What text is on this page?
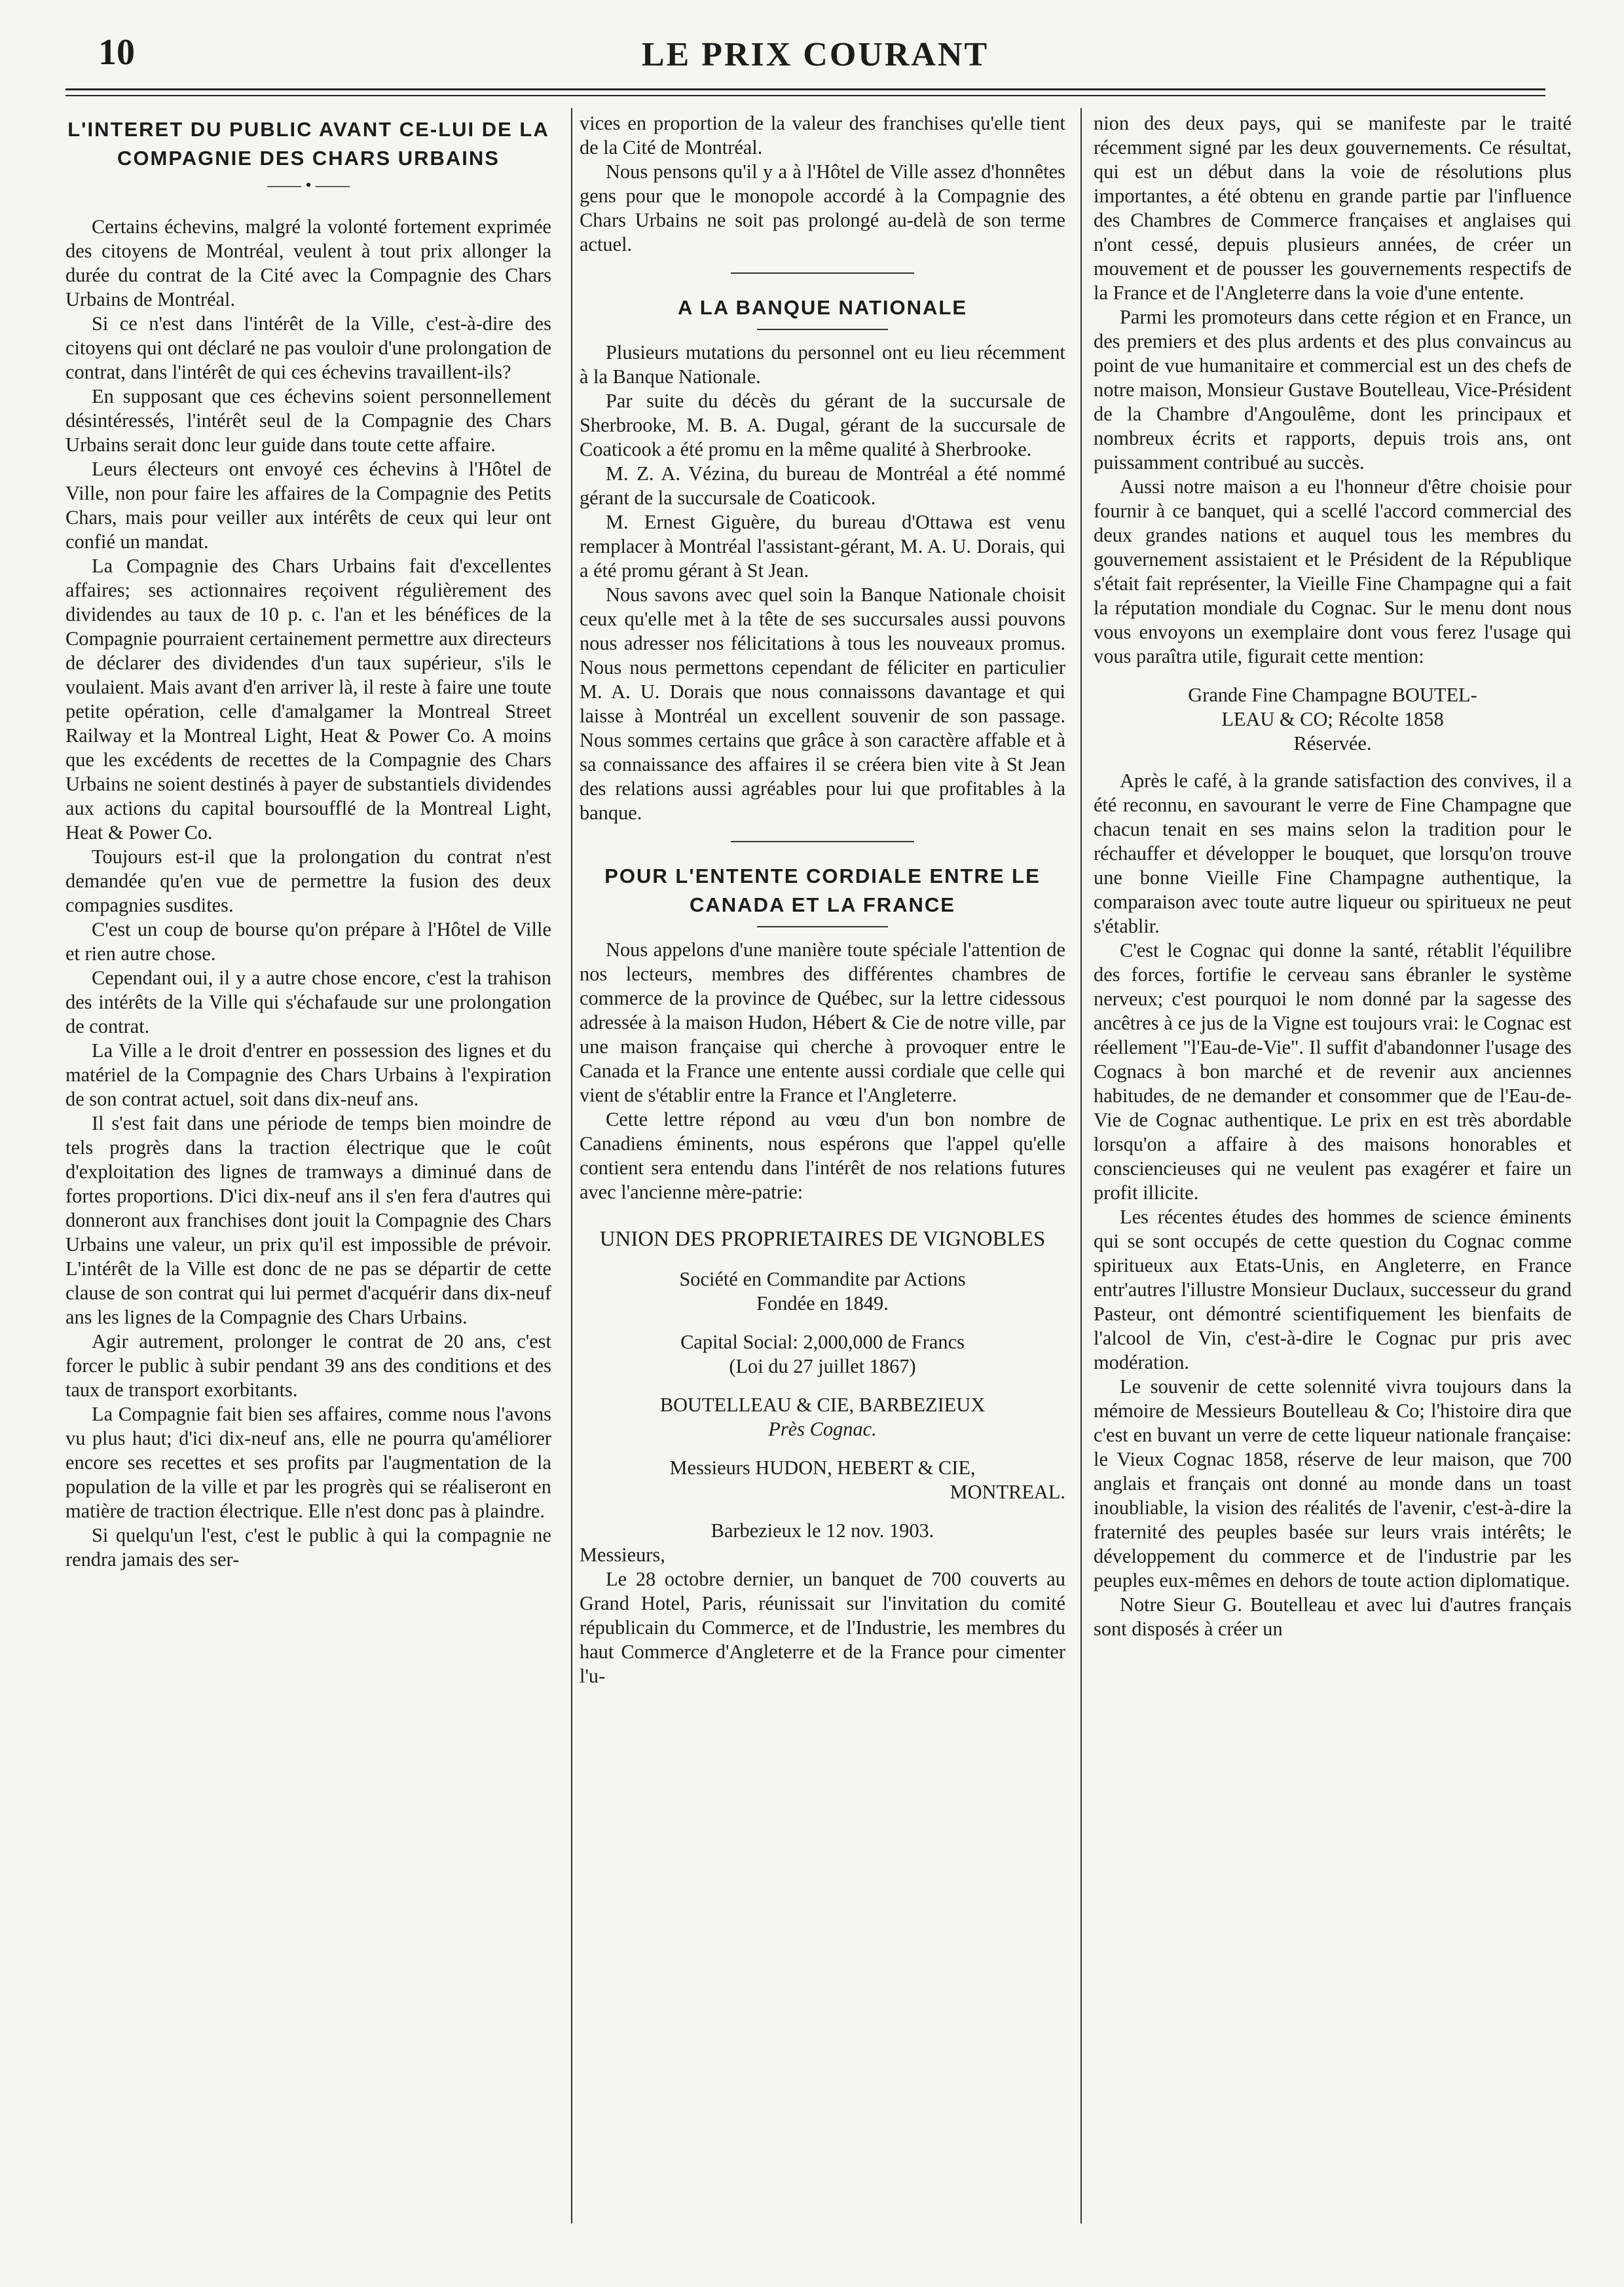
10	LE PRIX COURANT
L'INTERET DU PUBLIC AVANT CE-LUI DE LA COMPAGNIE DES CHARS URBAINS
—— • ——

Certains échevins, malgré la volonté fortement exprimée des citoyens de Montréal, veulent à tout prix allonger la durée du contrat de la Cité avec la Compagnie des Chars Urbains de Montréal.

Si ce n'est dans l'intérêt de la Ville, c'est-à-dire des citoyens qui ont déclaré ne pas vouloir d'une prolongation de contrat, dans l'intérêt de qui ces échevins travaillent-ils?

En supposant que ces échevins soient personnellement désintéressés, l'intérêt seul de la Compagnie des Chars Urbains serait donc leur guide dans toute cette affaire.

Leurs électeurs ont envoyé ces échevins à l'Hôtel de Ville, non pour faire les affaires de la Compagnie des Petits Chars, mais pour veiller aux intérêts de ceux qui leur ont confié un mandat.

La Compagnie des Chars Urbains fait d'excellentes affaires; ses actionnaires reçoivent régulièrement des dividendes au taux de 10 p. c. l'an et les bénéfices de la Compagnie pourraient certainement permettre aux directeurs de déclarer des dividendes d'un taux supérieur, s'ils le voulaient. Mais avant d'en arriver là, il reste à faire une toute petite opération, celle d'amalgamer la Montreal Street Railway et la Montreal Light, Heat & Power Co. A moins que les excédents de recettes de la Compagnie des Chars Urbains ne soient destinés à payer de substantiels dividendes aux actions du capital boursoufflé de la Montreal Light, Heat & Power Co.

Toujours est-il que la prolongation du contrat n'est demandée qu'en vue de permettre la fusion des deux compagnies susdites.

C'est un coup de bourse qu'on prépare à l'Hôtel de Ville et rien autre chose.

Cependant oui, il y a autre chose encore, c'est la trahison des intérêts de la Ville qui s'échafaude sur une prolongation de contrat.

La Ville a le droit d'entrer en possession des lignes et du matériel de la Compagnie des Chars Urbains à l'expiration de son contrat actuel, soit dans dix-neuf ans.

Il s'est fait dans une période de temps bien moindre de tels progrès dans la traction électrique que le coût d'exploitation des lignes de tramways a diminué dans de fortes proportions. D'ici dix-neuf ans il s'en fera d'autres qui donneront aux franchises dont jouit la Compagnie des Chars Urbains une valeur, un prix qu'il est impossible de prévoir. L'intérêt de la Ville est donc de ne pas se départir de cette clause de son contrat qui lui permet d'acquérir dans dix-neuf ans les lignes de la Compagnie des Chars Urbains.

Agir autrement, prolonger le contrat de 20 ans, c'est forcer le public à subir pendant 39 ans des conditions et des taux de transport exorbitants.

La Compagnie fait bien ses affaires, comme nous l'avons vu plus haut; d'ici dix-neuf ans, elle ne pourra qu'améliorer encore ses recettes et ses profits par l'augmentation de la population de la ville et par les progrès qui se réaliseront en matière de traction électrique. Elle n'est donc pas à plaindre.

Si quelqu'un l'est, c'est le public à qui la compagnie ne rendra jamais des ser-

vices en proportion de la valeur des franchises qu'elle tient de la Cité de Montréal.

Nous pensons qu'il y a à l'Hôtel de Ville assez d'honnêtes gens pour que le monopole accordé à la Compagnie des Chars Urbains ne soit pas prolongé au-delà de son terme actuel.

A LA BANQUE NATIONALE

Plusieurs mutations du personnel ont eu lieu récemment à la Banque Nationale.

Par suite du décès du gérant de la succursale de Sherbrooke, M. B. A. Dugal, gérant de la succursale de Coaticook a été promu en la même qualité à Sherbrooke.

M. Z. A. Vézina, du bureau de Montréal a été nommé gérant de la succursale de Coaticook.

M. Ernest Giguère, du bureau d'Ottawa est venu remplacer à Montréal l'assistant-gérant, M. A. U. Dorais, qui a été promu gérant à St Jean.

Nous savons avec quel soin la Banque Nationale choisit ceux qu'elle met à la tête de ses succursales aussi pouvons nous adresser nos félicitations à tous les nouveaux promus. Nous nous permettons cependant de féliciter en particulier M. A. U. Dorais que nous connaissons davantage et qui laisse à Montréal un excellent souvenir de son passage. Nous sommes certains que grâce à son caractère affable et à sa connaissance des affaires il se créera bien vite à St Jean des relations aussi agréables pour lui que profitables à la banque.

POUR L'ENTENTE CORDIALE ENTRE LE CANADA ET LA FRANCE

Nous appelons d'une manière toute spéciale l'attention de nos lecteurs, membres des différentes chambres de commerce de la province de Québec, sur la lettre cidessous adressée à la maison Hudon, Hébert & Cie de notre ville, par une maison française qui cherche à provoquer entre le Canada et la France une entente aussi cordiale que celle qui vient de s'établir entre la France et l'Angleterre.

Cette lettre répond au vœu d'un bon nombre de Canadiens éminents, nous espérons que l'appel qu'elle contient sera entendu dans l'intérêt de nos relations futures avec l'ancienne mère-patrie:

UNION DES PROPRIETAIRES DE VIGNOBLES

Société en Commandite par Actions

Fondée en 1849.

Capital Social: 2,000,000 de Francs

(Loi du 27 juillet 1867)

BOUTELLEAU & CIE, BARBEZIEUX

Près Cognac.

Messieurs HUDON, HEBERT & CIE,

MONTREAL.

Barbezieux le 12 nov. 1903.

Messieurs,

Le 28 octobre dernier, un banquet de 700 couverts au Grand Hotel, Paris, réunissait sur l'invitation du comité républicain du Commerce, et de l'Industrie, les membres du haut Commerce d'Angleterre et de la France pour cimenter l'u-

nion des deux pays, qui se manifeste par le traité récemment signé par les deux gouvernements. Ce résultat, qui est un début dans la voie de résolutions plus importantes, a été obtenu en grande partie par l'influence des Chambres de Commerce françaises et anglaises qui n'ont cessé, depuis plusieurs années, de créer un mouvement et de pousser les gouvernements respectifs de la France et de l'Angleterre dans la voie d'une entente.

Parmi les promoteurs dans cette région et en France, un des premiers et des plus ardents et des plus convaincus au point de vue humanitaire et commercial est un des chefs de notre maison, Monsieur Gustave Boutelleau, Vice-Président de la Chambre d'Angoulême, dont les principaux et nombreux écrits et rapports, depuis trois ans, ont puissamment contribué au succès.

Aussi notre maison a eu l'honneur d'être choisie pour fournir à ce banquet, qui a scellé l'accord commercial des deux grandes nations et auquel tous les membres du gouvernement assistaient et le Président de la République s'était fait représenter, la Vieille Fine Champagne qui a fait la réputation mondiale du Cognac. Sur le menu dont nous vous envoyons un exemplaire dont vous ferez l'usage qui vous paraîtra utile, figurait cette mention:

Grande Fine Champagne BOUTEL-

LEAU & CO; Récolte 1858

Réservée.

Après le café, à la grande satisfaction des convives, il a été reconnu, en savourant le verre de Fine Champagne que chacun tenait en ses mains selon la tradition pour le réchauffer et développer le bouquet, que lorsqu'on trouve une bonne Vieille Fine Champagne authentique, la comparaison avec toute autre liqueur ou spiritueux ne peut s'établir.

C'est le Cognac qui donne la santé, rétablit l'équilibre des forces, fortifie le cerveau sans ébranler le système nerveux; c'est pourquoi le nom donné par la sagesse des ancêtres à ce jus de la Vigne est toujours vrai: le Cognac est réellement "l'Eau-de-Vie". Il suffit d'abandonner l'usage des Cognacs à bon marché et de revenir aux anciennes habitudes, de ne demander et consommer que de l'Eau-de-Vie de Cognac authentique. Le prix en est très abordable lorsqu'on a affaire à des maisons honorables et consciencieuses qui ne veulent pas exagérer et faire un profit illicite.

Les récentes études des hommes de science éminents qui se sont occupés de cette question du Cognac comme spiritueux aux Etats-Unis, en Angleterre, en France entr'autres l'illustre Monsieur Duclaux, successeur du grand Pasteur, ont démontré scientifiquement les bienfaits de l'alcool de Vin, c'est-à-dire le Cognac pur pris avec modération.

Le souvenir de cette solennité vivra toujours dans la mémoire de Messieurs Boutelleau & Co; l'histoire dira que c'est en buvant un verre de cette liqueur nationale française: le Vieux Cognac 1858, réserve de leur maison, que 700 anglais et français ont donné au monde dans un toast inoubliable, la vision des réalités de l'avenir, c'est-à-dire la fraternité des peuples basée sur leurs vrais intérêts; le développement du commerce et de l'industrie par les peuples eux-mêmes en dehors de toute action diplomatique.

Notre Sieur G. Boutelleau et avec lui d'autres français sont disposés à créer un
